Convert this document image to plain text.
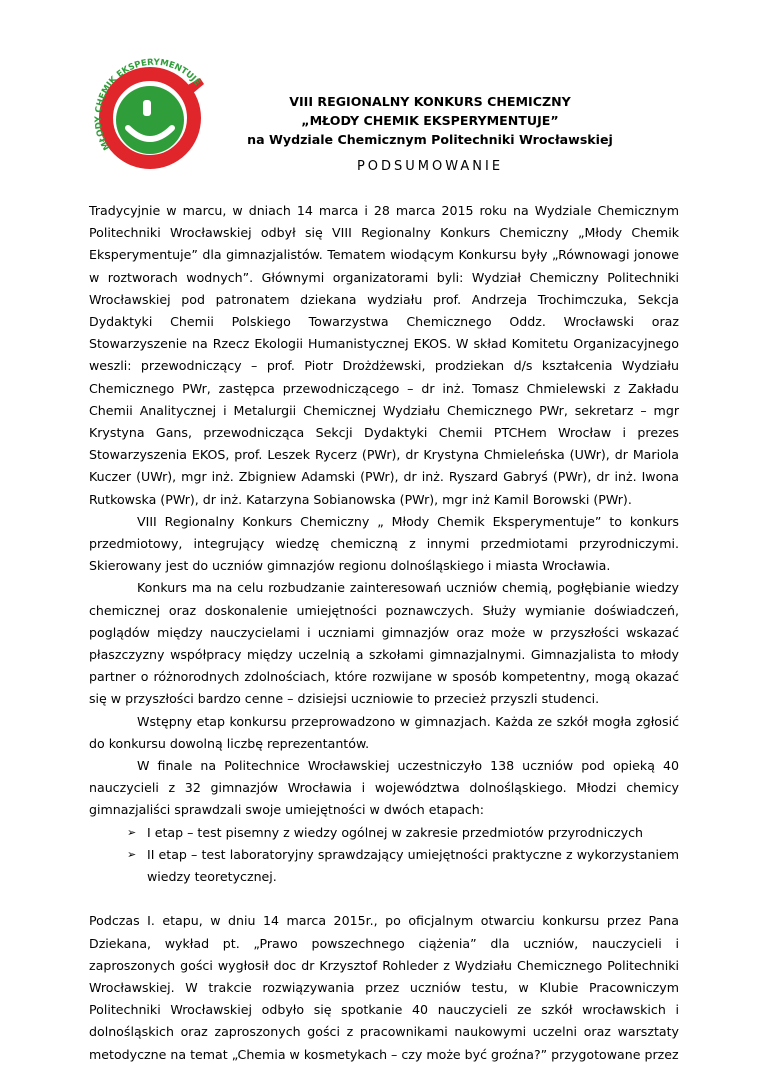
MŁODY CHEMIK EKSPERYMENTUJE
VIII REGIONALNY KONKURS CHEMICZNY
„MŁODY CHEMIK EKSPERYMENTUJE”
na Wydziale Chemicznym Politechniki Wrocławskiej
PODSUMOWANIE

Tradycyjnie w marcu, w dniach 14 marca i 28 marca 2015 roku na Wydziale Chemicznym Politechniki Wrocławskiej odbył się VIII Regionalny Konkurs Chemiczny „Młody Chemik Eksperymentuje” dla gimnazjalistów. Tematem wiodącym Konkursu były „Równowagi jonowe w roztworach wodnych”. Głównymi organizatorami byli: Wydział Chemiczny Politechniki Wrocławskiej pod patronatem dziekana wydziału prof. Andrzeja Trochimczuka, Sekcja Dydaktyki Chemii Polskiego Towarzystwa Chemicznego Oddz. Wrocławski oraz Stowarzyszenie na Rzecz Ekologii Humanistycznej EKOS. W skład Komitetu Organizacyjnego weszli: przewodniczący – prof. Piotr Drożdżewski, prodziekan d/s kształcenia Wydziału Chemicznego PWr, zastępca przewodniczącego – dr inż. Tomasz Chmielewski z Zakładu Chemii Analitycznej i Metalurgii Chemicznej Wydziału Chemicznego PWr, sekretarz – mgr Krystyna Gans, przewodnicząca Sekcji Dydaktyki Chemii PTCHem Wrocław i prezes Stowarzyszenia EKOS, prof. Leszek Rycerz (PWr), dr Krystyna Chmieleńska (UWr), dr Mariola Kuczer (UWr), mgr inż. Zbigniew Adamski (PWr), dr inż. Ryszard Gabryś (PWr), dr inż. Iwona Rutkowska (PWr), dr inż. Katarzyna Sobianowska (PWr), mgr inż Kamil Borowski (PWr).

VIII Regionalny Konkurs Chemiczny „ Młody Chemik Eksperymentuje” to konkurs przedmiotowy, integrujący wiedzę chemiczną z innymi przedmiotami przyrodniczymi. Skierowany jest do uczniów gimnazjów regionu dolnośląskiego i miasta Wrocławia.

Konkurs ma na celu rozbudzanie zainteresowań uczniów chemią, pogłębianie wiedzy chemicznej oraz doskonalenie umiejętności poznawczych. Służy wymianie doświadczeń, poglądów między nauczycielami i uczniami gimnazjów oraz może w przyszłości wskazać płaszczyzny współpracy między uczelnią a szkołami gimnazjalnymi. Gimnazjalista to młody partner o różnorodnych zdolnościach, które rozwijane w sposób kompetentny, mogą okazać się w przyszłości bardzo cenne – dzisiejsi uczniowie to przecież przyszli studenci.

Wstępny etap konkursu przeprowadzono w gimnazjach. Każda ze szkół mogła zgłosić do konkursu dowolną liczbę reprezentantów.

W finale na Politechnice Wrocławskiej uczestniczyło 138 uczniów pod opieką 40 nauczycieli z 32 gimnazjów Wrocławia i województwa dolnośląskiego. Młodzi chemicy gimnazjaliści sprawdzali swoje umiejętności w dwóch etapach:

➢ I etap – test pisemny z wiedzy ogólnej w zakresie przedmiotów przyrodniczych
➢ II etap – test laboratoryjny sprawdzający umiejętności praktyczne z wykorzystaniem wiedzy teoretycznej.

Podczas I. etapu, w dniu 14 marca 2015r., po oficjalnym otwarciu konkursu przez Pana Dziekana, wykład pt. „Prawo powszechnego ciążenia” dla uczniów, nauczycieli i zaproszonych gości wygłosił doc dr Krzysztof Rohleder z Wydziału Chemicznego Politechniki Wrocławskiej. W trakcie rozwiązywania przez uczniów testu, w Klubie Pracowniczym Politechniki Wrocławskiej odbyło się spotkanie 40 nauczycieli ze szkół wrocławskich i dolnośląskich oraz zaproszonych gości z pracownikami naukowymi uczelni oraz warsztaty metodyczne na temat „Chemia w kosmetykach – czy może być groźna?” przygotowane przez
